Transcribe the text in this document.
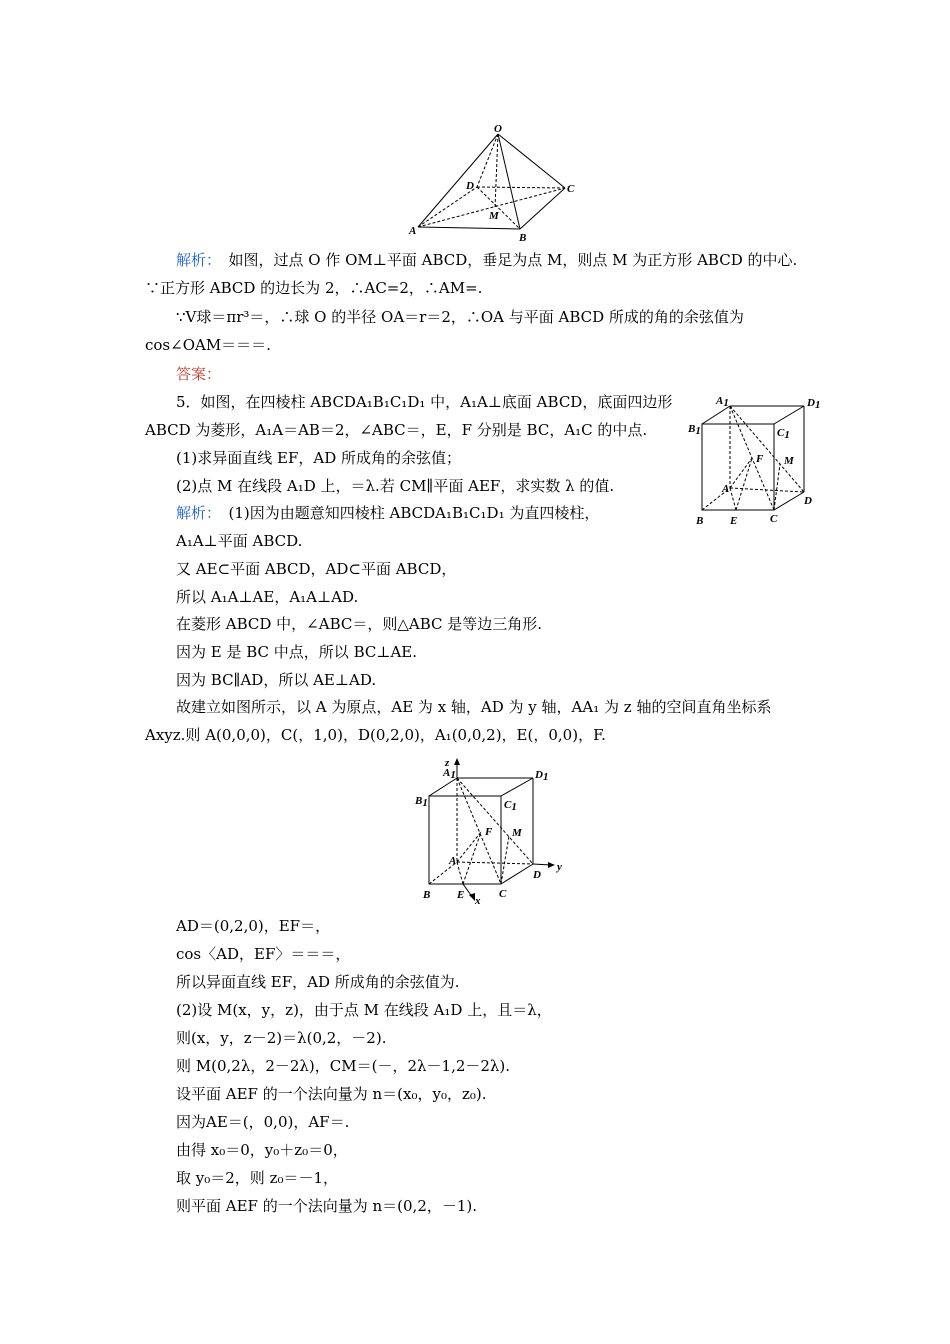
O
A
B
C
D
M
解析：　如图，过点 O 作 OM⊥平面 ABCD，垂足为点 M，则点 M 为正方形 ABCD 的中心.
∵正方形 ABCD 的边长为 2，∴AC=2，∴AM=.
∵V球＝πr³＝，∴球 O 的半径 OA＝r＝2，∴OA 与平面 ABCD 所成的角的余弦值为
cos∠OAM＝＝＝.
答案：
5．如图，在四棱柱 ABCDA₁B₁C₁D₁ 中，A₁A⊥底面 ABCD，底面四边形
ABCD 为菱形，A₁A＝AB＝2，∠ABC＝，E，F 分别是 BC，A₁C 的中点.
(1)求异面直线 EF，AD 所成角的余弦值；
(2)点 M 在线段 A₁D 上，＝λ.若 CM∥平面 AEF，求实数 λ 的值.
A1	D1
B1	C1
F M
A
D
B E	C
解析：　(1)因为由题意知四棱柱 ABCDA₁B₁C₁D₁ 为直四棱柱，
A₁A⊥平面 ABCD.
又 AE⊂平面 ABCD，AD⊂平面 ABCD，
所以 A₁A⊥AE，A₁A⊥AD.
在菱形 ABCD 中，∠ABC＝，则△ABC 是等边三角形.
因为 E 是 BC 中点，所以 BC⊥AE.
因为 BC∥AD，所以 AE⊥AD.
故建立如图所示，以 A 为原点，AE 为 x 轴，AD 为 y 轴，AA₁ 为 z 轴的空间直角坐标系
Axyz.则 A(0,0,0)，C(，1,0)，D(0,2,0)，A₁(0,0,2)，E(，0,0)，F.
z
y
x
A1	D1
B1	C1
F M
A
D
B E	C
AD＝(0,2,0)，EF＝，
cos〈AD，EF〉＝＝＝，
所以异面直线 EF，AD 所成角的余弦值为.
(2)设 M(x，y，z)，由于点 M 在线段 A₁D 上，且＝λ，
则(x，y，z－2)＝λ(0,2，－2).
则 M(0,2λ，2－2λ)，CM＝(－，2λ－1,2－2λ).
设平面 AEF 的一个法向量为 n＝(x₀，y₀，z₀).
因为AE＝(，0,0)，AF＝.
由得 x₀＝0，y₀＋z₀＝0，
取 y₀＝2，则 z₀＝－1，
则平面 AEF 的一个法向量为 n＝(0,2，－1).
